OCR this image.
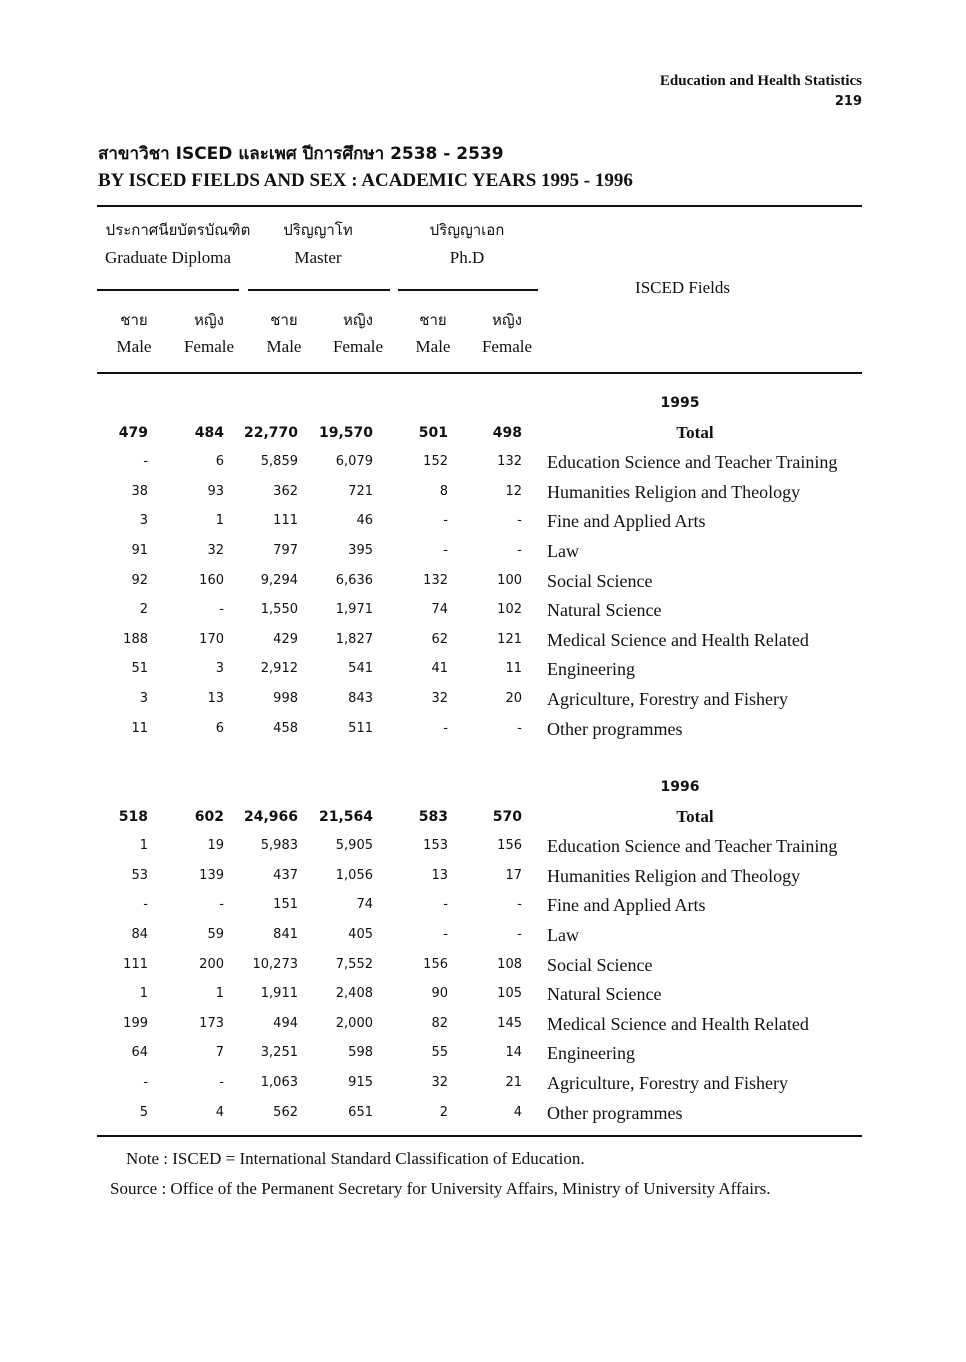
Education and Health Statistics
219
สาขาวิชา ISCED และเพศ ปีการศึกษา 2538 - 2539
BY ISCED FIELDS AND SEX : ACADEMIC YEARS 1995 - 1996
ประกาศนียบัตรบัณฑิต
Graduate Diploma
ปริญญาโท
Master
ปริญญาเอก
Ph.D
ISCED Fields
ชาย
Male
หญิง
Female
ชาย
Male
หญิง
Female
ชาย
Male
หญิง
Female
1995
479	484	22,770	19,570	501	498	Total
-	6	5,859	6,079	152	132 Education Science and Teacher Training
38	93	362	721	8	12 Humanities Religion and Theology
3	1	111	46	-	- Fine and Applied Arts
91	32	797	395	-	- Law
92	160	9,294	6,636	132	100 Social Science
2	-	1,550	1,971	74	102 Natural Science
188	170	429	1,827	62	121 Medical Science and Health Related
51	3	2,912	541	41	11 Engineering
3	13	998	843	32	20 Agriculture, Forestry and Fishery
11	6	458	511	-	- Other programmes
1996
518	602	24,966	21,564	583	570	Total
1	19	5,983	5,905	153	156 Education Science and Teacher Training
53	139	437	1,056	13	17 Humanities Religion and Theology
-	-	151	74	-	- Fine and Applied Arts
84	59	841	405	-	- Law
111	200	10,273	7,552	156	108 Social Science
1	1	1,911	2,408	90	105 Natural Science
199	173	494	2,000	82	145 Medical Science and Health Related
64	7	3,251	598	55	14 Engineering
-	-	1,063	915	32	21 Agriculture, Forestry and Fishery
5	4	562	651	2	4 Other programmes
Note : ISCED = International Standard Classification of Education.
Source : Office of the Permanent Secretary for University Affairs, Ministry of University Affairs.
